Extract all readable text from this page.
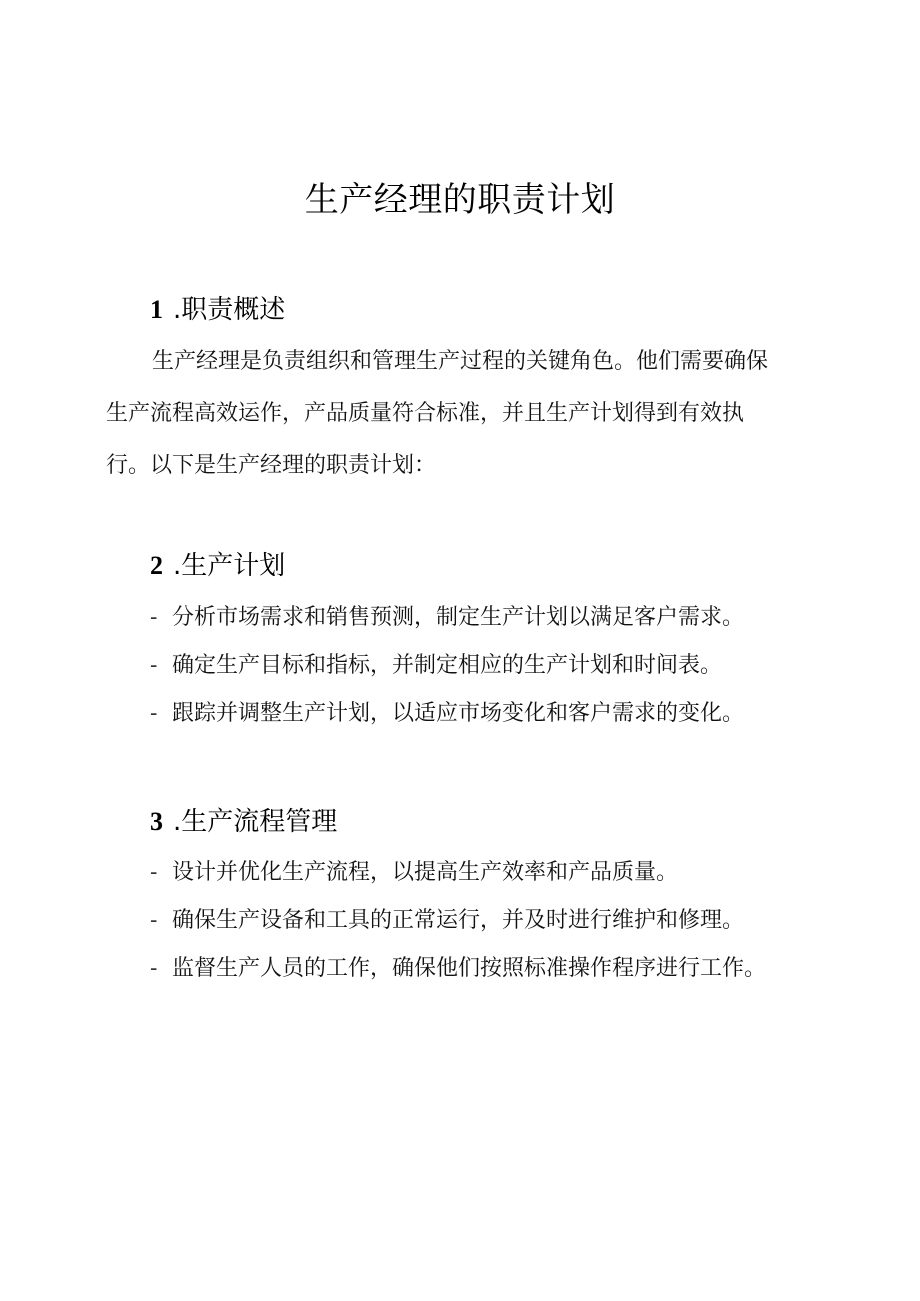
生产经理的职责计划
1 .职责概述

生产经理是负责组织和管理生产过程的关键角色。他们需要确保
生产流程高效运作，产品质量符合标准，并且生产计划得到有效执
行。以下是生产经理的职责计划：

2 .生产计划
- 分析市场需求和销售预测，制定生产计划以满足客户需求。
- 确定生产目标和指标，并制定相应的生产计划和时间表。
- 跟踪并调整生产计划，以适应市场变化和客户需求的变化。
3 .生产流程管理
- 设计并优化生产流程，以提高生产效率和产品质量。
- 确保生产设备和工具的正常运行，并及时进行维护和修理。
- 监督生产人员的工作，确保他们按照标准操作程序进行工作。
